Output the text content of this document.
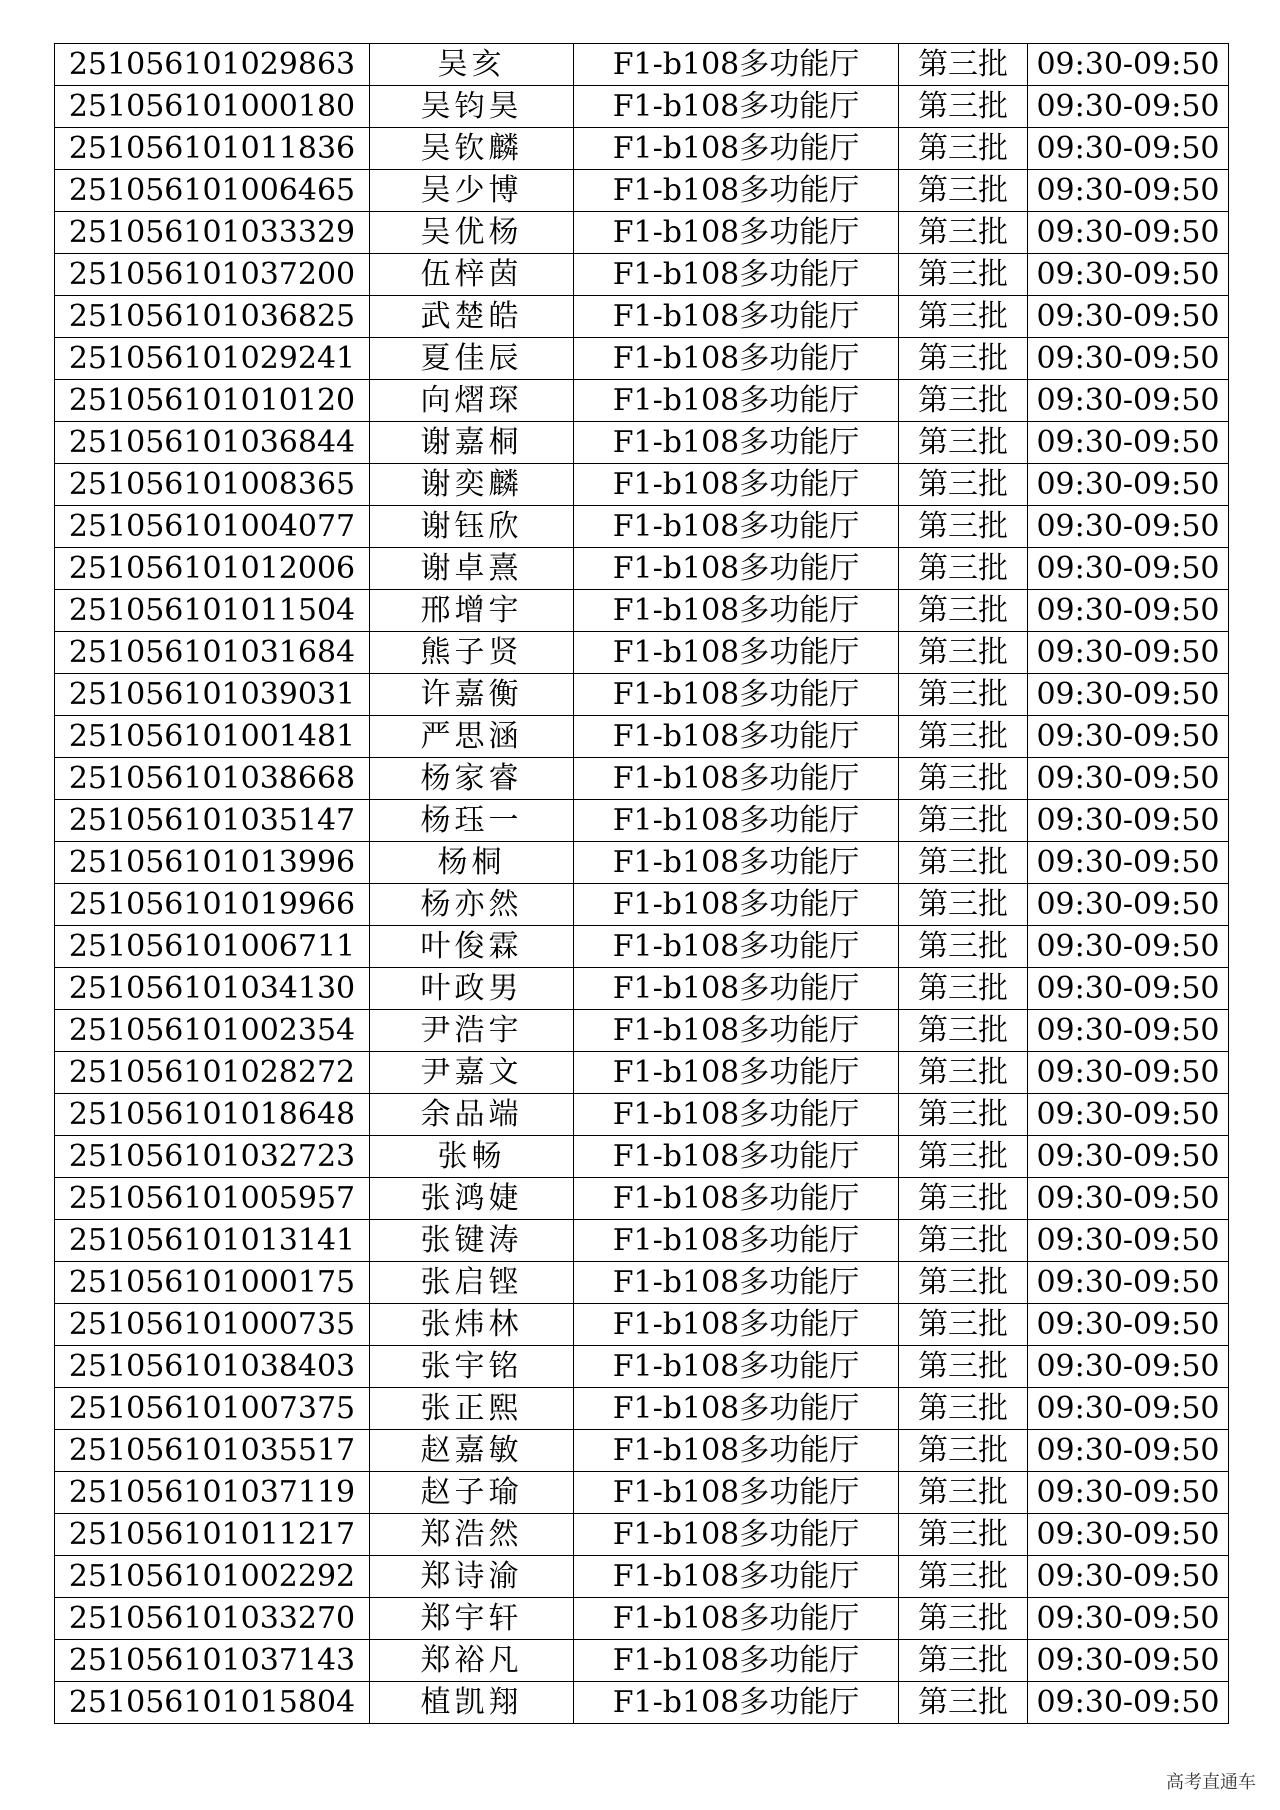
251056101029863	吴亥	F1-b108多功能厅	第三批	09:30-09:50
251056101000180	吴钧昊	F1-b108多功能厅	第三批	09:30-09:50
251056101011836	吴钦麟	F1-b108多功能厅	第三批	09:30-09:50
251056101006465	吴少博	F1-b108多功能厅	第三批	09:30-09:50
251056101033329	吴优杨	F1-b108多功能厅	第三批	09:30-09:50
251056101037200	伍梓茵	F1-b108多功能厅	第三批	09:30-09:50
251056101036825	武楚皓	F1-b108多功能厅	第三批	09:30-09:50
251056101029241	夏佳辰	F1-b108多功能厅	第三批	09:30-09:50
251056101010120	向熠琛	F1-b108多功能厅	第三批	09:30-09:50
251056101036844	谢嘉桐	F1-b108多功能厅	第三批	09:30-09:50
251056101008365	谢奕麟	F1-b108多功能厅	第三批	09:30-09:50
251056101004077	谢钰欣	F1-b108多功能厅	第三批	09:30-09:50
251056101012006	谢卓熹	F1-b108多功能厅	第三批	09:30-09:50
251056101011504	邢增宇	F1-b108多功能厅	第三批	09:30-09:50
251056101031684	熊子贤	F1-b108多功能厅	第三批	09:30-09:50
251056101039031	许嘉衡	F1-b108多功能厅	第三批	09:30-09:50
251056101001481	严思涵	F1-b108多功能厅	第三批	09:30-09:50
251056101038668	杨家睿	F1-b108多功能厅	第三批	09:30-09:50
251056101035147	杨珏一	F1-b108多功能厅	第三批	09:30-09:50
251056101013996	杨桐	F1-b108多功能厅	第三批	09:30-09:50
251056101019966	杨亦然	F1-b108多功能厅	第三批	09:30-09:50
251056101006711	叶俊霖	F1-b108多功能厅	第三批	09:30-09:50
251056101034130	叶政男	F1-b108多功能厅	第三批	09:30-09:50
251056101002354	尹浩宇	F1-b108多功能厅	第三批	09:30-09:50
251056101028272	尹嘉文	F1-b108多功能厅	第三批	09:30-09:50
251056101018648	余品端	F1-b108多功能厅	第三批	09:30-09:50
251056101032723	张畅	F1-b108多功能厅	第三批	09:30-09:50
251056101005957	张鸿婕	F1-b108多功能厅	第三批	09:30-09:50
251056101013141	张键涛	F1-b108多功能厅	第三批	09:30-09:50
251056101000175	张启铿	F1-b108多功能厅	第三批	09:30-09:50
251056101000735	张炜林	F1-b108多功能厅	第三批	09:30-09:50
251056101038403	张宇铭	F1-b108多功能厅	第三批	09:30-09:50
251056101007375	张正熙	F1-b108多功能厅	第三批	09:30-09:50
251056101035517	赵嘉敏	F1-b108多功能厅	第三批	09:30-09:50
251056101037119	赵子瑜	F1-b108多功能厅	第三批	09:30-09:50
251056101011217	郑浩然	F1-b108多功能厅	第三批	09:30-09:50
251056101002292	郑诗渝	F1-b108多功能厅	第三批	09:30-09:50
251056101033270	郑宇轩	F1-b108多功能厅	第三批	09:30-09:50
251056101037143	郑裕凡	F1-b108多功能厅	第三批	09:30-09:50
251056101015804	植凯翔	F1-b108多功能厅	第三批	09:30-09:50
高考直通车
